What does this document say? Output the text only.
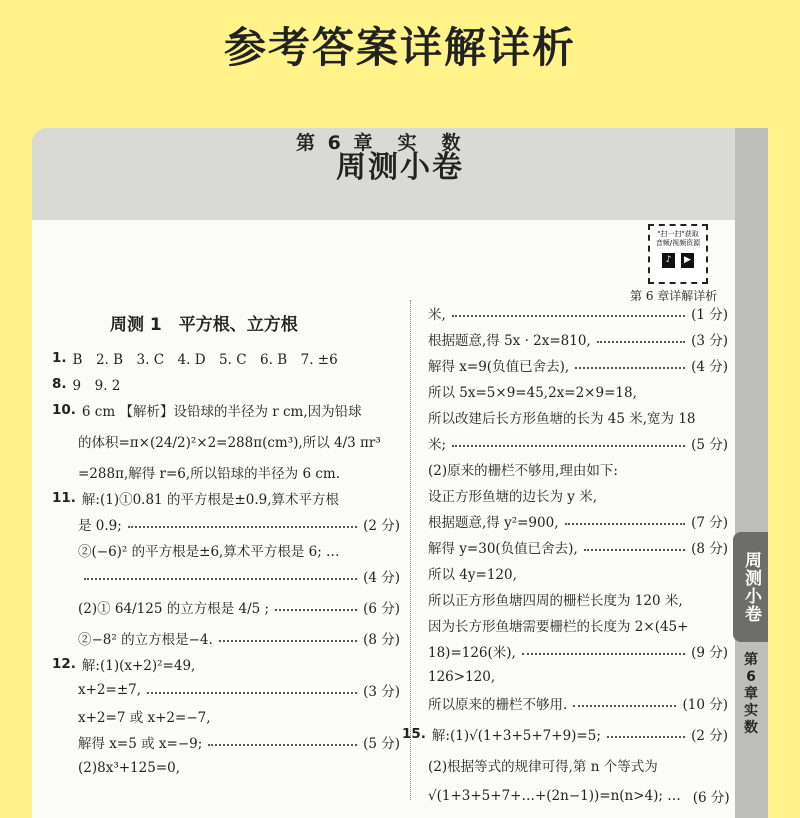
参考答案详解详析
周测小卷
第 6 章　实　数
"扫一扫"获取
音频/视频资源
♪ ▶
第 6 章详解详析
周测 1　平方根、立方根
1. B　2. B　3. C　4. D　5. C　6. B　7. ±6
8. 9　9. 2
10. 6 cm 【解析】设铅球的半径为 r cm,因为铅球
的体积=π×(24/2)²×2=288π(cm³),所以 4/3 πr³
=288π,解得 r=6,所以铅球的半径为 6 cm.
11. 解:(1)①0.81 的平方根是±0.9,算术平方根
是 0.9;	(2 分)
②(−6)² 的平方根是±6,算术平方根是 6; …
(4 分)
(2)① 64/125 的立方根是 4/5 ;	(6 分)
②−8² 的立方根是−4.	(8 分)
12. 解:(1)(x+2)²=49,
x+2=±7,	(3 分)
x+2=7 或 x+2=−7,
解得 x=5 或 x=−9;	(5 分)
(2)8x³+125=0,
米,	(1 分)
根据题意,得 5x · 2x=810,	(3 分)
解得 x=9(负值已舍去),	(4 分)
所以 5x=5×9=45,2x=2×9=18,
所以改建后长方形鱼塘的长为 45 米,宽为 18
米;	(5 分)
(2)原来的栅栏不够用,理由如下:
设正方形鱼塘的边长为 y 米,
根据题意,得 y²=900,	(7 分)
解得 y=30(负值已舍去),	(8 分)
所以 4y=120,
所以正方形鱼塘四周的栅栏长度为 120 米,
因为长方形鱼塘需要栅栏的长度为 2×(45+
18)=126(米),	(9 分)
126>120,
所以原来的栅栏不够用.	(10 分)
15. 解:(1)√(1+3+5+7+9)=5;	(2 分)
(2)根据等式的规律可得,第 n 个等式为
√(1+3+5+7+…+(2n−1))=n(n>4); … (6 分)
周测小卷
第 6 章 实 数
